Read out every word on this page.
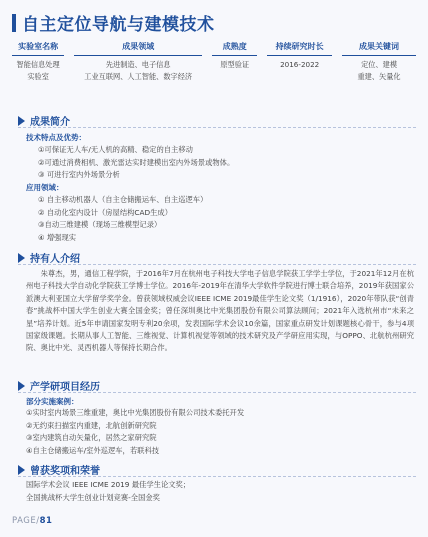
自主定位导航与建模技术
实验室名称
智能信息处理
实验室
成果领域
先进制造、电子信息
工业互联网、人工智能、数字经济
成熟度
原型验证
持续研究时长
2016-2022
成果关键词
定位、建模
重建、矢量化
成果简介
技术特点及优势：
①可保证无人车/无人机的高精、稳定的自主移动
②可通过消费相机、激光雷达实时建模出室内外场景或物体。
③ 可进行室内外场景分析
应用领域：
① 自主移动机器人（自主仓储搬运车、自主巡逻车）
② 自动化室内设计（房屋结构CAD生成）
③自动三维建模（现场三维模型记录）
④ 增强现实
持有人介绍
朱尊杰，男，通信工程学院，于2016年7月在杭州电子科技大学电子信息学院获工学学士学位，于2021年12月在杭州电子科技大学自动化学院获工学博士学位。2016年-2019年在清华大学软件学院进行博士联合培养，2019年获国家公派澳大利亚国立大学留学奖学金。曾获领域权威会议IEEE ICME 2019最佳学生论文奖（1/1916），2020年带队获“创青春”挑战杯中国大学生创业大赛全国金奖；曾任深圳奥比中光集团股份有限公司算法顾问；2021年入选杭州市“未来之星”培养计划。近5年申请国家发明专利20余项，发表国际学术会议10余篇，国家重点研发计划课题核心骨干，参与4项国家级课题。长期从事人工智能、三维视觉、计算机视觉等领域的技术研究及产学研应用实现，与OPPO、北航杭州研究院、奥比中光、灵西机器人等保持长期合作。
产学研项目经历
部分实施案例：
①实时室内场景三维重建，奥比中光集团股份有限公司技术委托开发
②无约束扫描室内重建，北航创新研究院
③室内建筑自动矢量化，居然之家研究院
④自主仓储搬运车/室外巡逻车，若联科技
曾获奖项和荣誉
国际学术会议 IEEE ICME 2019 最佳学生论文奖；
全国挑战杯大学生创业计划竞赛-全国金奖
PAGE/81
